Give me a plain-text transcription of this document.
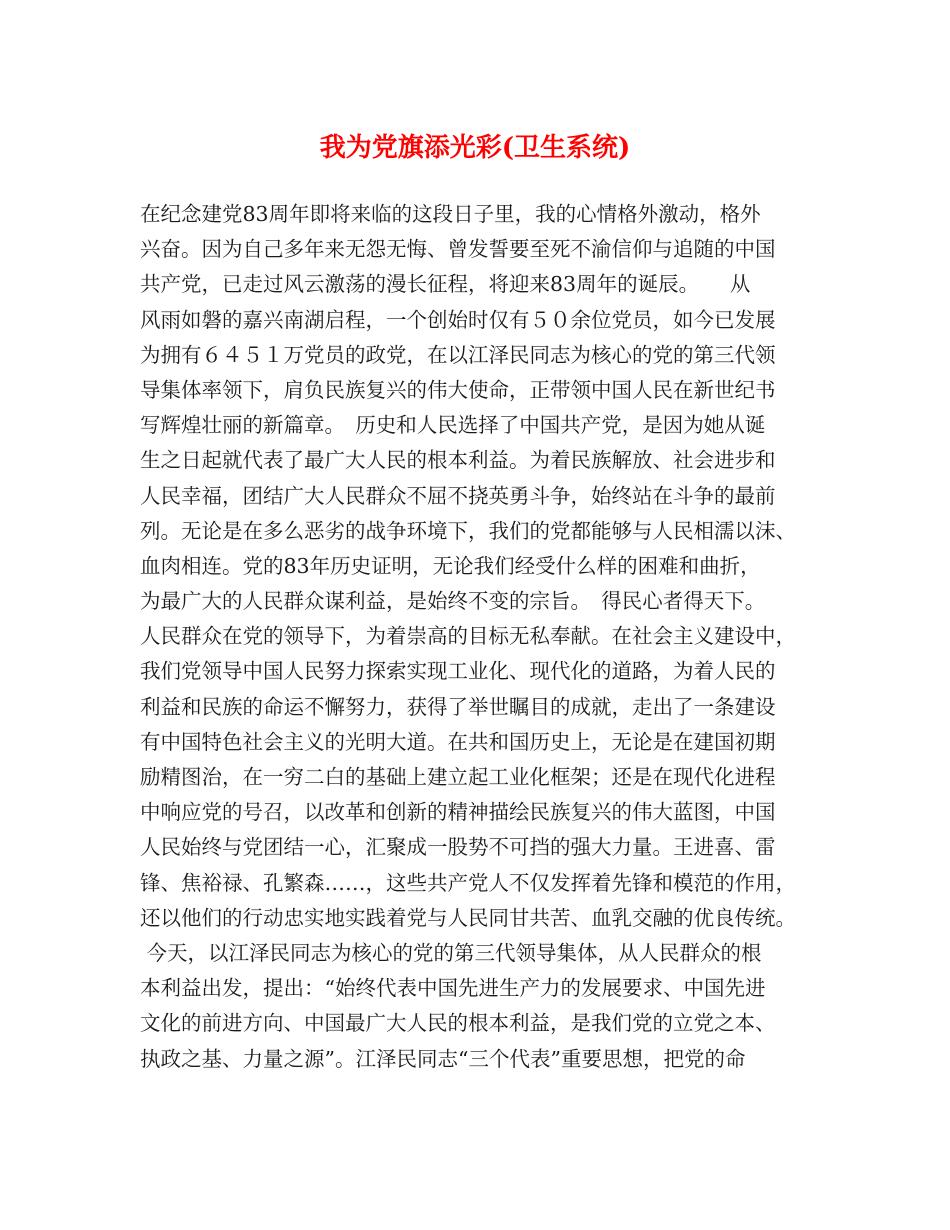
我为党旗添光彩(卫生系统)
在纪念建党83周年即将来临的这段日子里，我的心情格外激动，格外
兴奋。因为自己多年来无怨无悔、曾发誓要至死不渝信仰与追随的中国
共产党，已走过风云激荡的漫长征程，将迎来83周年的诞辰。　　从
风雨如磐的嘉兴南湖启程，一个创始时仅有５０余位党员，如今已发展
为拥有６４５１万党员的政党，在以江泽民同志为核心的党的第三代领
导集体率领下，肩负民族复兴的伟大使命，正带领中国人民在新世纪书
写辉煌壮丽的新篇章。　历史和人民选择了中国共产党，是因为她从诞
生之日起就代表了最广大人民的根本利益。为着民族解放、社会进步和
人民幸福，团结广大人民群众不屈不挠英勇斗争，始终站在斗争的最前
列。无论是在多么恶劣的战争环境下，我们的党都能够与人民相濡以沫、
血肉相连。党的83年历史证明，无论我们经受什么样的困难和曲折，
为最广大的人民群众谋利益，是始终不变的宗旨。　得民心者得天下。
人民群众在党的领导下，为着崇高的目标无私奉献。在社会主义建设中，
我们党领导中国人民努力探索实现工业化、现代化的道路，为着人民的
利益和民族的命运不懈努力，获得了举世瞩目的成就，走出了一条建设
有中国特色社会主义的光明大道。在共和国历史上，无论是在建国初期
励精图治，在一穷二白的基础上建立起工业化框架；还是在现代化进程
中响应党的号召，以改革和创新的精神描绘民族复兴的伟大蓝图，中国
人民始终与党团结一心，汇聚成一股势不可挡的强大力量。王进喜、雷
锋、焦裕禄、孔繁森……，这些共产党人不仅发挥着先锋和模范的作用，
还以他们的行动忠实地实践着党与人民同甘共苦、血乳交融的优良传统。
今天，以江泽民同志为核心的党的第三代领导集体，从人民群众的根
本利益出发，提出：“始终代表中国先进生产力的发展要求、中国先进
文化的前进方向、中国最广大人民的根本利益，是我们党的立党之本、
执政之基、力量之源”。江泽民同志“三个代表”重要思想，把党的命
